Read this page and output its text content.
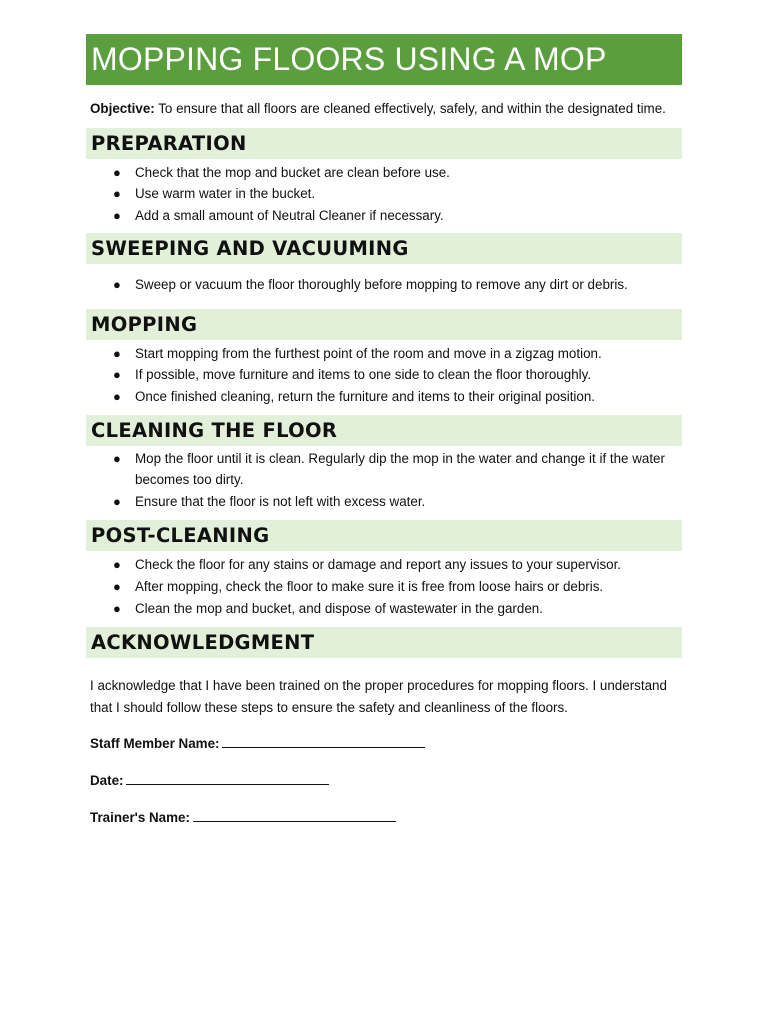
MOPPING FLOORS USING A MOP
Objective: To ensure that all floors are cleaned effectively, safely, and within the designated time.
PREPARATION
● Check that the mop and bucket are clean before use.
● Use warm water in the bucket.
● Add a small amount of Neutral Cleaner if necessary.
SWEEPING AND VACUUMING
● Sweep or vacuum the floor thoroughly before mopping to remove any dirt or debris.
MOPPING
● Start mopping from the furthest point of the room and move in a zigzag motion.
● If possible, move furniture and items to one side to clean the floor thoroughly.
● Once finished cleaning, return the furniture and items to their original position.
CLEANING THE FLOOR
● Mop the floor until it is clean. Regularly dip the mop in the water and change it if the water becomes too dirty.
● Ensure that the floor is not left with excess water.
POST-CLEANING
● Check the floor for any stains or damage and report any issues to your supervisor.
● After mopping, check the floor to make sure it is free from loose hairs or debris.
● Clean the mop and bucket, and dispose of wastewater in the garden.
ACKNOWLEDGMENT
I acknowledge that I have been trained on the proper procedures for mopping floors. I understand that I should follow these steps to ensure the safety and cleanliness of the floors.
Staff Member Name:
Date:
Trainer's Name:
